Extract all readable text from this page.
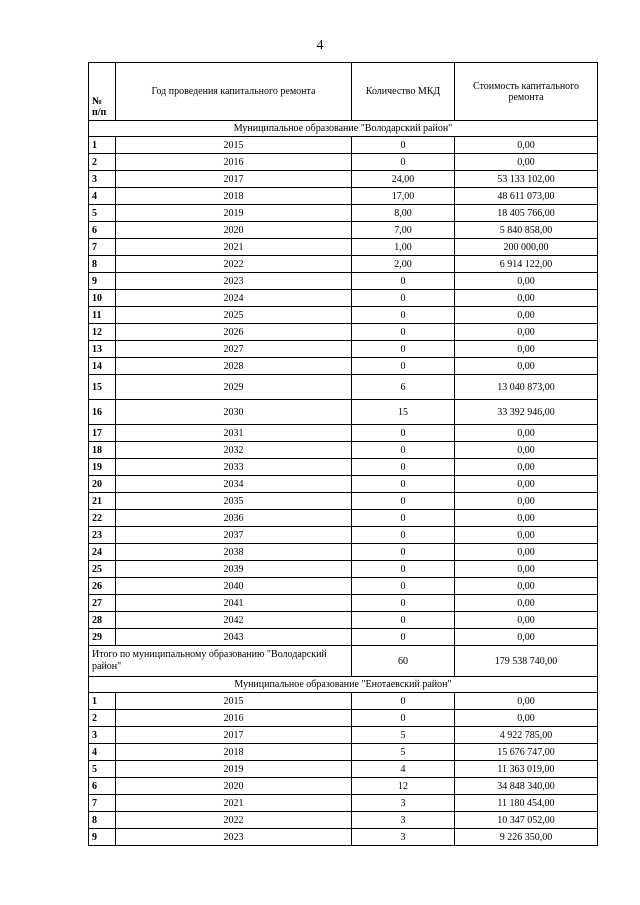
4
№ п/п	Год проведения капитального ремонта	Количество МКД	Стоимость капитального ремонта
Муниципальное образование "Володарский район"			
1	2015	0	0,00
2	2016	0	0,00
3	2017	24,00	53 133 102,00
4	2018	17,00	48 611 073,00
5	2019	8,00	18 405 766,00
6	2020	7,00	5 840 858,00
7	2021	1,00	200 000,00
8	2022	2,00	6 914 122,00
9	2023	0	0,00
10	2024	0	0,00
11	2025	0	0,00
12	2026	0	0,00
13	2027	0	0,00
14	2028	0	0,00
15	2029	6	13 040 873,00
16	2030	15	33 392 946,00
17	2031	0	0,00
18	2032	0	0,00
19	2033	0	0,00
20	2034	0	0,00
21	2035	0	0,00
22	2036	0	0,00
23	2037	0	0,00
24	2038	0	0,00
25	2039	0	0,00
26	2040	0	0,00
27	2041	0	0,00
28	2042	0	0,00
29	2043	0	0,00
Итого по муниципальному образованию "Володарский район"		60	179 538 740,00
Муниципальное образование "Енотаевский район"			
1	2015	0	0,00
2	2016	0	0,00
3	2017	5	4 922 785,00
4	2018	5	15 676 747,00
5	2019	4	11 363 019,00
6	2020	12	34 848 340,00
7	2021	3	11 180 454,00
8	2022	3	10 347 052,00
9	2023	3	9 226 350,00
